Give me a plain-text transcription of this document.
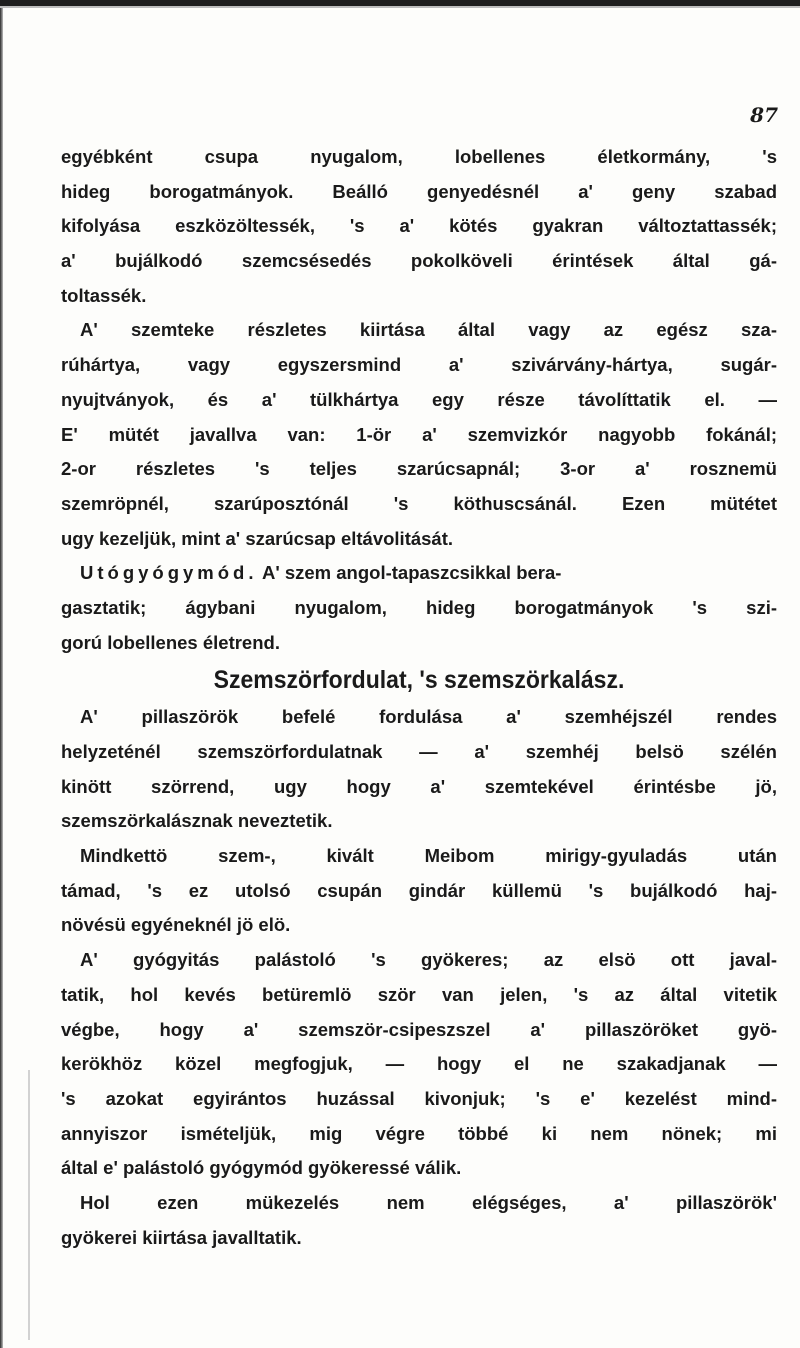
87
egyébként csupa nyugalom, lobellenes életkormány, 's
hideg borogatmányok. Beálló genyedésnél a' geny szabad
kifolyása eszközöltessék, 's a' kötés gyakran változtattassék;
a' bujálkodó szemcsésedés pokolköveli érintések által gá-
toltassék.
A' szemteke részletes kiirtása által vagy az egész sza-
rúhártya, vagy egyszersmind a' szivárvány-hártya, sugár-
nyujtványok, és a' tülkhártya egy része távolíttatik el. —
E' mütét javallva van: 1-ör a' szemvizkór nagyobb fokánál;
2-or részletes 's teljes szarúcsapnál; 3-or a' rosznemü
szemröpnél, szarúposztónál 's köthuscsánál. Ezen mütétet
ugy kezeljük, mint a' szarúcsap eltávolitását.
Utógyógymód. A' szem angol-tapaszcsikkal bera-
gasztatik; ágybani nyugalom, hideg borogatmányok 's szi-
gorú lobellenes életrend.
Szemszörfordulat, 's szemszörkalász.
A' pillaszörök befelé fordulása a' szemhéjszél rendes
helyzeténél szemszörfordulatnak — a' szemhéj belsö szélén
kinött szörrend, ugy hogy a' szemtekével érintésbe jö,
szemszörkalásznak neveztetik.
Mindkettö szem-, kivált Meibom mirigy-gyuladás után
támad, 's ez utolsó csupán gindár küllemü 's bujálkodó haj-
növésü egyéneknél jö elö.
A' gyógyitás palástoló 's gyökeres; az elsö ott javal-
tatik, hol kevés betüremlö ször van jelen, 's az által vitetik
végbe, hogy a' szemször-csipeszszel a' pillaszöröket gyö-
kerökhöz közel megfogjuk, — hogy el ne szakadjanak —
's azokat egyirántos huzással kivonjuk; 's e' kezelést mind-
annyiszor ismételjük, mig végre többé ki nem nönek; mi
által e' palástoló gyógymód gyökeressé válik.
Hol ezen mükezelés nem elégséges, a' pillaszörök'
gyökerei kiirtása javalltatik.
